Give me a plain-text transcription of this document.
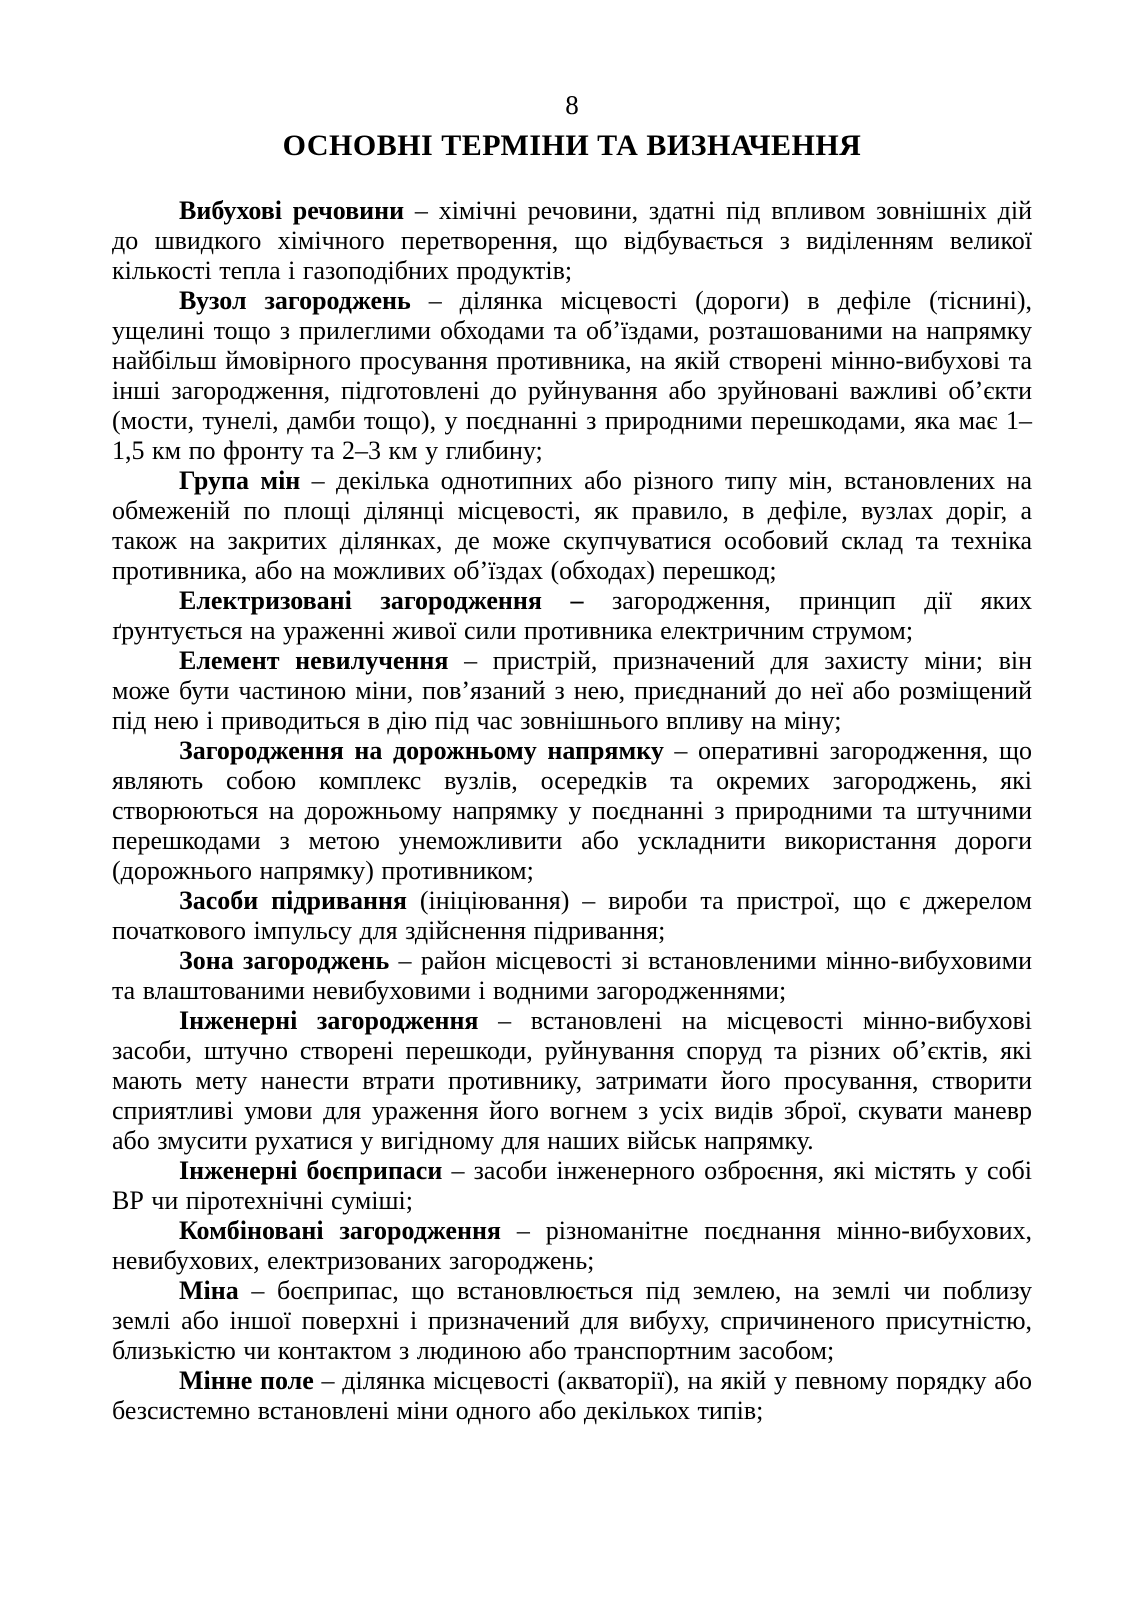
8

ОСНОВНІ ТЕРМІНИ ТА ВИЗНАЧЕННЯ

Вибухові речовини – хімічні речовини, здатні під впливом зовнішніх дій до швидкого хімічного перетворення, що відбувається з виділенням великої кількості тепла і газоподібних продуктів;

Вузол загороджень – ділянка місцевості (дороги) в дефіле (тіснині), ущелині тощо з прилеглими обходами та об’їздами, розташованими на напрямку найбільш ймовірного просування противника, на якій створені мінно-вибухові та інші загородження, підготовлені до руйнування або зруйновані важливі об’єкти (мости, тунелі, дамби тощо), у поєднанні з природними перешкодами, яка має 1–1,5 км по фронту та 2–3 км у глибину;

Група мін – декілька однотипних або різного типу мін, встановлених на обмеженій по площі ділянці місцевості, як правило, в дефіле, вузлах доріг, а також на закритих ділянках, де може скупчуватися особовий склад та техніка противника, або на можливих об’їздах (обходах) перешкод;

Електризовані загородження – загородження, принцип дії яких ґрунтується на ураженні живої сили противника електричним струмом;

Елемент невилучення – пристрій, призначений для захисту міни; він може бути частиною міни, пов’язаний з нею, приєднаний до неї або розміщений під нею і приводиться в дію під час зовнішнього впливу на міну;

Загородження на дорожньому напрямку – оперативні загородження, що являють собою комплекс вузлів, осередків та окремих загороджень, які створюються на дорожньому напрямку у поєднанні з природними та штучними перешкодами з метою унеможливити або ускладнити використання дороги (дорожнього напрямку) противником;

Засоби підривання (ініціювання) – вироби та пристрої, що є джерелом початкового імпульсу для здійснення підривання;

Зона загороджень – район місцевості зі встановленими мінно-вибуховими та влаштованими невибуховими і водними загородженнями;

Інженерні загородження – встановлені на місцевості мінно-вибухові засоби, штучно створені перешкоди, руйнування споруд та різних об’єктів, які мають мету нанести втрати противнику, затримати його просування, створити сприятливі умови для ураження його вогнем з усіх видів зброї, скувати маневр або змусити рухатися у вигідному для наших військ напрямку.

Інженерні боєприпаси – засоби інженерного озброєння, які містять у собі ВР чи піротехнічні суміші;

Комбіновані загородження – різноманітне поєднання мінно-вибухових, невибухових, електризованих загороджень;

Міна – боєприпас, що встановлюється під землею, на землі чи поблизу землі або іншої поверхні і призначений для вибуху, спричиненого присутністю, близькістю чи контактом з людиною або транспортним засобом;

Мінне поле – ділянка місцевості (акваторії), на якій у певному порядку або безсистемно встановлені міни одного або декількох типів;
